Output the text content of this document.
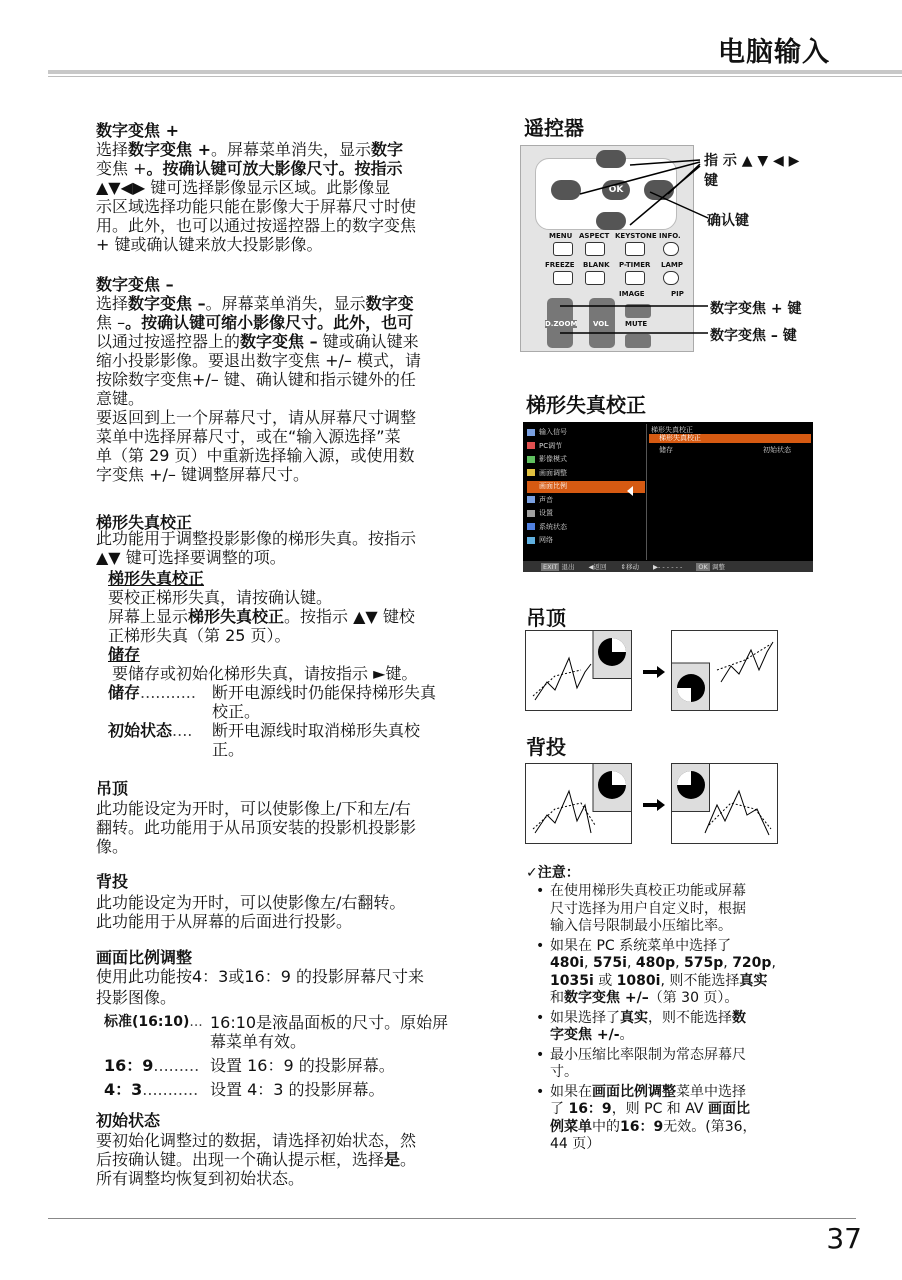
电脑输入
数字变焦 +
选择数字变焦 +。屏幕菜单消失，显示数字
变焦 +。按确认键可放大影像尺寸。按指示
▲▼◀▶ 键可选择影像显示区域。此影像显
示区域选择功能只能在影像大于屏幕尺寸时使
用。此外，也可以通过按遥控器上的数字变焦
+ 键或确认键来放大投影影像。
数字变焦 –
选择数字变焦 –。屏幕菜单消失，显示数字变
焦 –。按确认键可缩小影像尺寸。此外，也可
以通过按遥控器上的数字变焦 – 键或确认键来
缩小投影影像。要退出数字变焦 +/– 模式，请
按除数字变焦+/– 键、确认键和指示键外的任
意键。
要返回到上一个屏幕尺寸，请从屏幕尺寸调整
菜单中选择屏幕尺寸，或在“输入源选择”菜
单（第 29 页）中重新选择输入源，或使用数
字变焦 +/– 键调整屏幕尺寸。
梯形失真校正
此功能用于调整投影影像的梯形失真。按指示
▲▼ 键可选择要调整的项。
梯形失真校正
要校正梯形失真，请按确认键。
屏幕上显示梯形失真校正。按指示 ▲▼ 键校
正梯形失真（第 25 页）。
储存
要储存或初始化梯形失真，请按指示 ►键。
储存...........	断开电源线时仍能保持梯形失真
校正。
初始状态....	断开电源线时取消梯形失真校
正。
吊顶
此功能设定为开时，可以使影像上/下和左/右
翻转。此功能用于从吊顶安装的投影机投影影
像。
背投
此功能设定为开时，可以使影像左/右翻转。
此功能用于从屏幕的后面进行投影。
画面比例调整
使用此功能按4：3或16：9 的投影屏幕尺寸来
投影图像。
标准(16:10)... 16:10是液晶面板的尺寸。原始屏
幕菜单有效。
16：9......... 设置 16：9 的投影屏幕。
4：3........... 设置 4：3 的投影屏幕。
初始状态
要初始化调整过的数据，请选择初始状态，然
后按确认键。出现一个确认提示框，选择是。
所有调整均恢复到初始状态。
遥控器
OK
MENU ASPECT KEYSTONE INFO.
FREEZE BLANK P-TIMER LAMP
IMAGE	PIP
D.ZOOM VOL MUTE
指 示 ▲ ▼ ◀ ▶
键
确认键
数字变焦 + 键
数字变焦 – 键
梯形失真校正
输入信号
PC调节
影像模式
画面调整
画面比例
声音
设置
系统状态
网络
梯形失真校正
梯形失真校正
储存	初始状态
EXIT 退出 ◀返回 ⇕移动 ▶- - - - - -	OK 调整
吊顶
背投
✓注意：
• 在使用梯形失真校正功能或屏幕
尺寸选择为用户自定义时，根据
输入信号限制最小压缩比率。
• 如果在 PC 系统菜单中选择了
480i, 575i, 480p, 575p, 720p,
1035i 或 1080i, 则不能选择真实
和数字变焦 +/–（第 30 页）。
• 如果选择了真实，则不能选择数
字变焦 +/-。
• 最小压缩比率限制为常态屏幕尺
寸。
• 如果在画面比例调整菜单中选择
了 16：9，则 PC 和 AV 画面比
例菜单中的16：9无效。(第36，
44 页）
37
